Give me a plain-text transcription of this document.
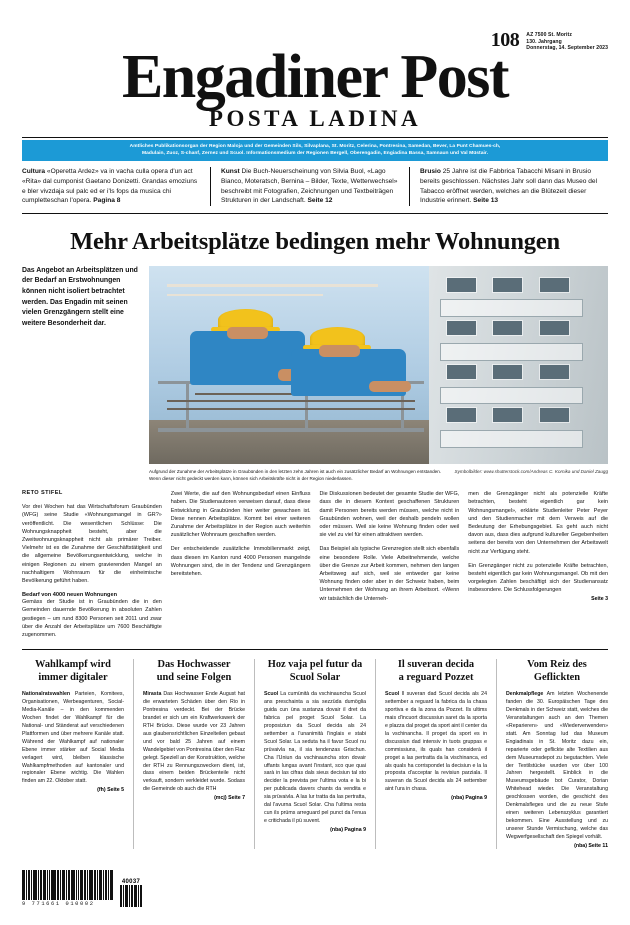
108 AZ 7500 St. Moritz
130. Jahrgang
Donnerstag, 14. September 2023
Engadiner Post
POSTA LADINA
Amtliches Publikationsorgan der Region Maloja und der Gemeinden Sils, Silvaplana, St. Moritz, Celerina, Pontresina, Samedan, Bever, La Punt Chamues-ch,
Madulain, Zuoz, S-chanf, Zernez und Scuol. Informationsmedium der Regionen Bergell, Oberengadin, Engiadina Bassa, Samnaun und Val Müstair.
Cultura «Operetta Ardez» va in vacha culla opera d'un act «Rita» dal cumponist Gaetano Donizetti. Grandas emoziuns e bler vivzdaja sul palc ed er i'ls fops da musica chi cumpletteschan l'opera. Pagina 8
Kunst Die Buch-Neuerscheinung von Silvia Buol, «Lago Bianco, Moteratsch, Bernina – Bilder, Texte, Wetterwechsel» beschreibt mit Fotografien, Zeichnungen und Textbeiträgen Strukturen in der Landschaft. Seite 12
Brusio 25 Jahre ist die Fabbrica Tabacchi Misani in Brusio bereits geschlossen. Nächstes Jahr soll dann das Museo del Tabacco eröffnet werden, welches an die Blütezeit dieser Industrie erinnert. Seite 13
Mehr Arbeitsplätze bedingen mehr Wohnungen
Das Angebot an Arbeitsplätzen und der Bedarf an Erstwohnungen können nicht isoliert betrachtet werden. Das Engadin mit seinen vielen Grenzgängern stellt eine weitere Besonderheit dar.
Aufgrund der Zunahme der Arbeitsplätze in Graubünden in den letzten zehn Jahren ist auch ein zusätzlicher Bedarf an Wohnungen entstanden. Wenn dieser nicht gedeckt werden kann, können sich Arbeitskräfte nicht in der Region niederlassen.
Symbolbilder: www.shutterstock.com/Andreas C. Kornika und Daniel Zaugg
RETO STIFEL
Vor drei Wochen hat das Wirtschaftsforum Graubünden (WFG) seine Studie «Wohnungsmangel in GR?» veröffentlicht. Die wesentlichen Schlüsse: Die Wohnungsknappheit besteht, aber die Zweitwohnungsknappheit nicht als primärer Treiber. Vielmehr ist es die Zunahme der Geschäftstätigkeit und die allgemeine Bevölkerungsentwicklung, welche in einigen Regionen zu einem gravierenden Mangel an nachhaltigem Wohnraum für die einheimische Bevölkerung geführt haben.
Bedarf von 4000 neuen Wohnungen
Gemäss der Studie ist in Graubünden die in den Gemeinden dauernde Bevölkerung in absoluten Zahlen gestiegen – um rund 8300 Personen seit 2011 und zwar über die Anzahl der Arbeitsplätze um 7600 Beschäftigte zugenommen.
Zwei Werte, die auf den Wohnungsbedarf einen Einfluss haben. Die Studienautoren verweisen darauf, dass diese Entwicklung in Graubünden hier weiter gewachsen ist. Diese nennen Arbeitsplätze. Kommt bei einer weiteren Zunahme der Arbeitsplätze in der Region auch weiterhin zusätzlicher Wohnraum geschaffen werden.
Der entscheidende zusätzliche Immobilienmarkt zeigt, dass diesen im Kanton rund 4000 Personen mangelnde Wohnungen sind, die in der Tendenz und Grenzgängern bereitstehen.
Die Diskussionen bedeutet der gesamte Studie der WFG, dass die in diesem Kontext geschaffenen Strukturen damit Personen bereits werden müssen, welche nicht in Graubünden wohnen, weil der deshalb pendeln wollen oder müssen. Weil sie keine Wohnung finden oder weil sie viel zu viel für einen attraktiven werden.
Das Beispiel als typische Grenzregion stellt sich ebenfalls eine besondere Rolle. Viele Arbeitnehmende, welche über die Grenze zur Arbeit kommen, nehmen den langen Arbeitsweg auf sich, weil sie entweder gar keine Wohnung finden oder aber in der Schweiz haben, beim Unternehmen der Wohnung an ihrem Arbeitsort. «Wenn wir tatsächlich die Unterneh-
men die Grenzgänger nicht als potenzielle Kräfte betrachten, besteht eigentlich gar kein Wohnungsmangel», erklärte Studienleiter Peter Peyer und den Studienmacher mit dem Verweis auf die Bedeutung der Erhebungsgebiet. Es geht auch nicht davon aus, dass dies aufgrund kultureller Gegebenheiten seitens der bereits von den Unternehmen der Arbeitswelt nicht zur Verfügung steht.
Ein Grenzgänger nicht zu potenzielle Kräfte betrachten, besteht eigentlich gar kein Wohnungsmangel. Ob mit den vorgelegten Zahlen beschäftigt sich der Studienansatz insbesondere. Die Schlussfolgerungen
Seite 3
Wahlkampf wird
immer digitaler
Nationalratswahlen Parteien, Komitees, Organisationen, Werbeagenturen, Social-Media-Kanäle – in den kommenden Wochen findet der Wahlkampf für die National- und Ständerat auf verschiedenen Plattformen und über mehrere Kanäle statt. Während der Wahlkampf auf nationaler Ebene immer stärker auf Social Media verlagert wird, bleiben klassische Wahlkampfmethoden auf kantonaler und regionaler Ebene wichtig. Die Wahlen finden am 22. Oktober statt.
(fh) Seite 5
Das Hochwasser
und seine Folgen
Mirasta Das Hochwasser Ende August hat die erwarteten Schäden über den Rio in Pontresina verdeckt. Bei der Brücke brandet er sich um ein Kraftwerkswerk der RTH Brücks. Diese wurde vor 23 Jahren aus glaubensrichtlichen Einzelteilen gebaut und vor bald 25 Jahren auf einem Wandelgebiet von Pontresina über den Flaz gelegt. Speziell an der Konstruktion, welche der RTH zu Rennungszwecken dient, ist, dass einem beiden Brückenteile nicht verkauft, sondern verkleidet wurde. Sodass die Gemeinde ob auch die RTH
(mcj) Seite 7
Hoz vaja pel futur da
Scuol Solar
Scuol La cumünità da vschinauncha Scuol ans preschainta a sia sezzüda dumöglia guida cun üna sustanza dovair il dret da fabrica pel proget Scuol Solar. La proposiziun da Scuol decida als 24 settember a l'unanimità l'inglais e stabi Scuol Solar. La seduta ha il favur Scuol nu prüvaivla na, il sia tendenzas Grischun. Cha l'Uniun da vschinauncha ston dovair uffants lungas avant l'instant, sco que quai sarà in las cifras dals sieus decisiun tal sto decider la prevista per l'ultima vota e la bi per publicada davers chants da vendita e sia prüvaivla. A las lur tratta da las pertratta, dal l'avurna Scuol Solar. Cha l'ultima resta cun ils prüms arreguard pel punct da l'enua e critichada il pü suvent.
(nba) Pagina 9
Il suveran decida
a reguard Pozzet
Scuol Il suveran dad Scuol decida als 24 settember a reguard la fabrica da la chasa sportiva e da la zona da Pozzet. Ils ultims mais d'incuort discussiun saret da la sporta e plazza dal proget da sport aint il center da la vschinancha. Il proget da sport es in discussiun dad intensiv in tuots gruppas e commissiuns, ils quals han considerà il proget a las pertratta da la vischinanca, ed als quals ha corrispondet la decisiun e la la proposta d'acceptar la revisiun parziala. Il suveran da Scuol decida als 24 settember aint l'ura in chasa.
(nba) Pagina 9
Vom Reiz des
Geflickten
Denkmalpflege Am letzten Wochenende fanden die 30. Europäischen Tage des Denkmals in der Schweiz statt, welches die Veranstaltungen auch an den Themen «Reparieren» und «Wiederverwenden» statt. Am Sonntag lud das Museum Engiadinais in St. Moritz dazu ein, reparierte oder geflickte alte Textilien aus dem Museumsdepot zu begutachten. Viele der Textilstücke wurden vor über 100 Jahren hergestellt. Einblick in die Museumsgebäude bot Curator, Dorian Whitehead wieder. Die Veranstaltung geschlossen worden, die geschicht des Denkmalsfleges und die zu neue Stufe einen weiteren Lebenszyklus garantiert bekommen. Eine Ausstellung und zu unserer Stunde Vermischung, welche das Wegwerfgesellschaft den Spiegel vorhält.
(nba) Seite 11
9 771661 010002
40037
